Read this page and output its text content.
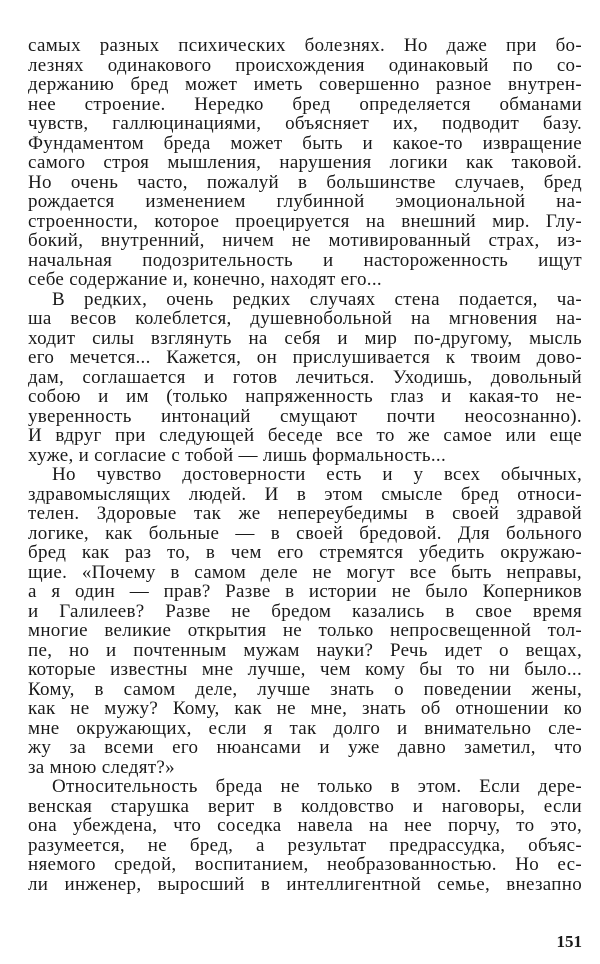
самых разных психических болезнях. Но даже при бо-
лезнях одинакового происхождения одинаковый по со-
держанию бред может иметь совершенно разное внутрен-
нее строение. Нередко бред определяется обманами
чувств, галлюцинациями, объясняет их, подводит базу.
Фундаментом бреда может быть и какое-то извращение
самого строя мышления, нарушения логики как таковой.
Но очень часто, пожалуй в большинстве случаев, бред
рождается изменением глубинной эмоциональной на-
строенности, которое проецируется на внешний мир. Глу-
бокий, внутренний, ничем не мотивированный страх, из-
начальная подозрительность и настороженность ищут
себе содержание и, конечно, находят его...
В редких, очень редких случаях стена подается, ча-
ша весов колеблется, душевнобольной на мгновения на-
ходит силы взглянуть на себя и мир по-другому, мысль
его мечется... Кажется, он прислушивается к твоим дово-
дам, соглашается и готов лечиться. Уходишь, довольный
собою и им (только напряженность глаз и какая-то не-
уверенность интонаций смущают почти неосознанно).
И вдруг при следующей беседе все то же самое или еще
хуже, и согласие с тобой — лишь формальность...
Но чувство достоверности есть и у всех обычных,
здравомыслящих людей. И в этом смысле бред относи-
телен. Здоровые так же непереубедимы в своей здравой
логике, как больные — в своей бредовой. Для больного
бред как раз то, в чем его стремятся убедить окружаю-
щие. «Почему в самом деле не могут все быть неправы,
а я один — прав? Разве в истории не было Коперников
и Галилеев? Разве не бредом казались в свое время
многие великие открытия не только непросвещенной тол-
пе, но и почтенным мужам науки? Речь идет о вещах,
которые известны мне лучше, чем кому бы то ни было...
Кому, в самом деле, лучше знать о поведении жены,
как не мужу? Кому, как не мне, знать об отношении ко
мне окружающих, если я так долго и внимательно сле-
жу за всеми его нюансами и уже давно заметил, что
за мною следят?»
Относительность бреда не только в этом. Если дере-
венская старушка верит в колдовство и наговоры, если
она убеждена, что соседка навела на нее порчу, то это,
разумеется, не бред, а результат предрассудка, объяс-
няемого средой, воспитанием, необразованностью. Но ес-
ли инженер, выросший в интеллигентной семье, внезапно
151
